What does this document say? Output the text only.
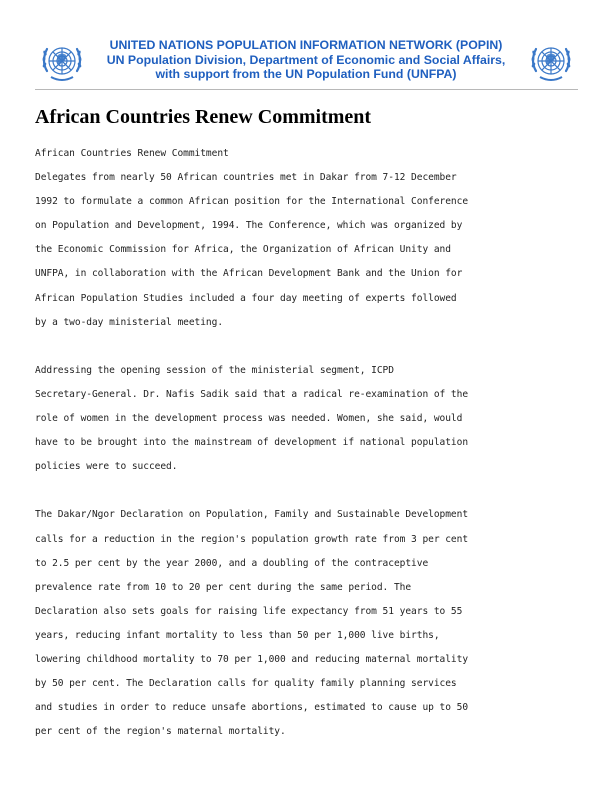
UNITED NATIONS POPULATION INFORMATION NETWORK (POPIN)
UN Population Division, Department of Economic and Social Affairs,
with support from the UN Population Fund (UNFPA)
African Countries Renew Commitment
African Countries Renew Commitment
Delegates from nearly 50 African countries met in Dakar from 7-12 December
1992 to formulate a common African position for the International Conference
on Population and Development, 1994. The Conference, which was organized by
the Economic Commission for Africa, the Organization of African Unity and
UNFPA, in collaboration with the African Development Bank and the Union for
African Population Studies included a four day meeting of experts followed
by a two-day ministerial meeting.
Addressing the opening session of the ministerial segment, ICPD
Secretary-General. Dr. Nafis Sadik said that a radical re-examination of the
role of women in the development process was needed. Women, she said, would
have to be brought into the mainstream of development if national population
policies were to succeed.
The Dakar/Ngor Declaration on Population, Family and Sustainable Development
calls for a reduction in the region's population growth rate from 3 per cent
to 2.5 per cent by the year 2000, and a doubling of the contraceptive
prevalence rate from 10 to 20 per cent during the same period. The
Declaration also sets goals for raising life expectancy from 51 years to 55
years, reducing infant mortality to less than 50 per 1,000 live births,
lowering childhood mortality to 70 per 1,000 and reducing maternal mortality
by 50 per cent. The Declaration calls for quality family planning services
and studies in order to reduce unsafe abortions, estimated to cause up to 50
per cent of the region's maternal mortality.
